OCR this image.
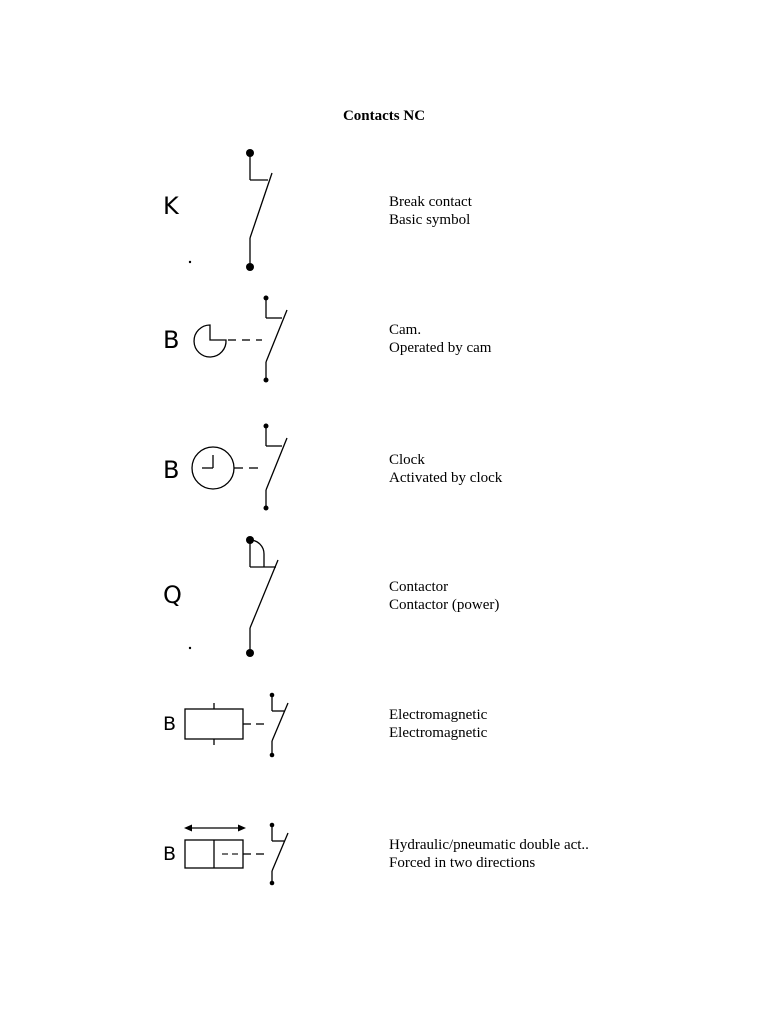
Contacts NC
K	Break contact
Basic symbol
B	Cam.
Operated by cam
B	Clock
Activated by clock
Q	Contactor
Contactor (power)
B	Electromagnetic
Electromagnetic
B	Hydraulic/pneumatic double act..
Forced in two directions
